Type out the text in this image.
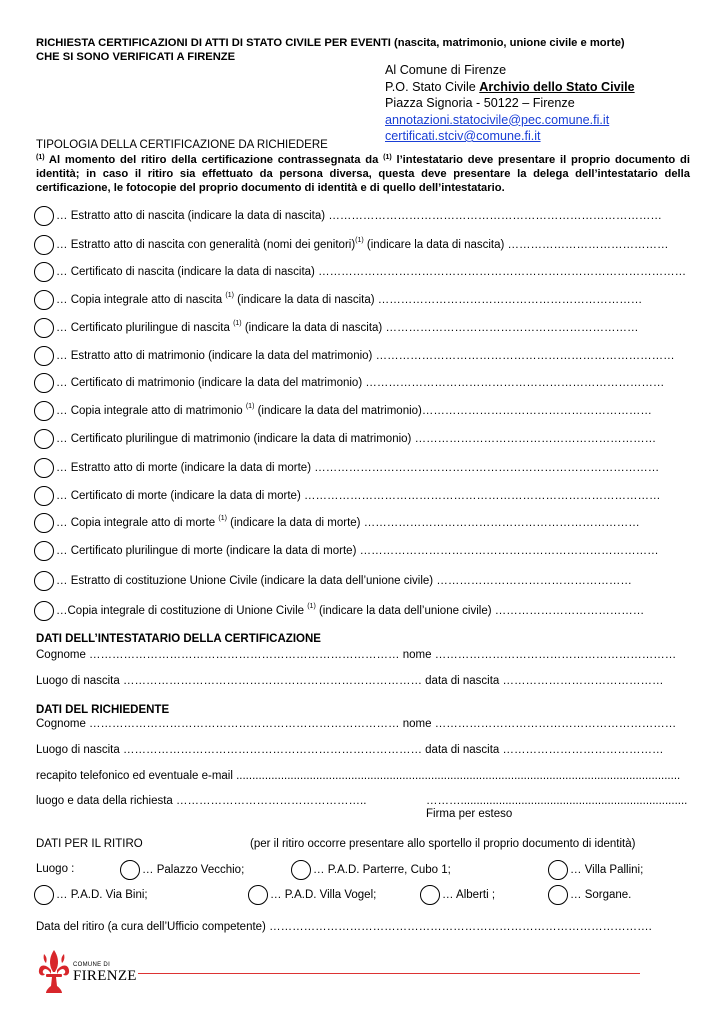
RICHIESTA CERTIFICAZIONI DI ATTI DI STATO CIVILE PER EVENTI (nascita, matrimonio, unione civile e morte)
CHE SI SONO VERIFICATI A FIRENZE
Al Comune di Firenze
P.O. Stato Civile Archivio dello Stato Civile
Piazza Signoria - 50122 – Firenze
annotazioni.statocivile@pec.comune.fi.it
certificati.stciv@comune.fi.it
TIPOLOGIA DELLA CERTIFICAZIONE DA RICHIEDERE
$^{(1)}$ Al momento del ritiro della certificazione contrassegnata da $^{(1)}$ l’intestatario deve presentare il proprio documento di identità; in caso il ritiro sia effettuato da persona diversa, questa deve presentare la delega dell’intestatario della certificazione, le fotocopie del proprio documento di identità e di quello dell’intestatario.
… Estratto atto di nascita (indicare la data di nascita) ……………………………………………………………………………
… Estratto atto di nascita con generalità (nomi dei genitori)$^{(1)}$ (indicare la data di nascita) ……………………………………
… Certificato di nascita (indicare la data di nascita) ……………………………………………………………………………………
… Copia integrale atto di nascita $^{(1)}$ (indicare la data di nascita) ……………………………………………………………
… Certificato plurilingue di nascita $^{(1)}$ (indicare la data di nascita) …………………………………………………………
… Estratto atto di matrimonio (indicare la data del matrimonio) ……………………………………………………………………
… Certificato di matrimonio (indicare la data del matrimonio) ……………………………………………………………………
… Copia integrale atto di matrimonio $^{(1)}$ (indicare la data del matrimonio)……………………………………………………
… Certificato plurilingue di matrimonio (indicare la data di matrimonio) ………………………………………………………
… Estratto atto di morte (indicare la data di morte) ………………………………………………………………………………
… Certificato di morte (indicare la data di morte) …………………………………………………………………………………
… Copia integrale atto di morte $^{(1)}$ (indicare la data di morte) ………………………………………………………………
… Certificato plurilingue di morte (indicare la data di morte) ……………………………………………………………………
… Estratto di costituzione Unione Civile (indicare la data dell’unione civile) ……………………………………………
…Copia integrale di costituzione di Unione Civile $^{(1)}$ (indicare la data dell’unione civile) …………………………………
DATI DELL’INTESTATARIO DELLA CERTIFICAZIONE
Cognome ……………………………………………………………………… nome ………………………………………………………
Luogo di nascita …………………………………………………………………… data di nascita ……………………………………
DATI DEL RICHIEDENTE
Cognome ……………………………………………………………………… nome ………………………………………………………
Luogo di nascita …………………………………………………………………… data di nascita ……………………………………
recapito telefonico ed eventuale e-mail ...........................................................................................................................................
luogo e data della richiesta …………………………………………..	……….......................................................................
Firma per esteso
DATI PER IL RITIRO	(per il ritiro occorre presentare allo sportello il proprio documento di identità)
Luogo :	… Palazzo Vecchio;	… P.A.D. Parterre, Cubo 1;	… Villa Pallini;
… P.A.D. Via Bini;	… P.A.D. Villa Vogel;	… Alberti ;	… Sorgane.
Data del ritiro (a cura dell’Ufficio competente) ……………………………………………………………………………………….
COMUNE DI
FIRENZE
